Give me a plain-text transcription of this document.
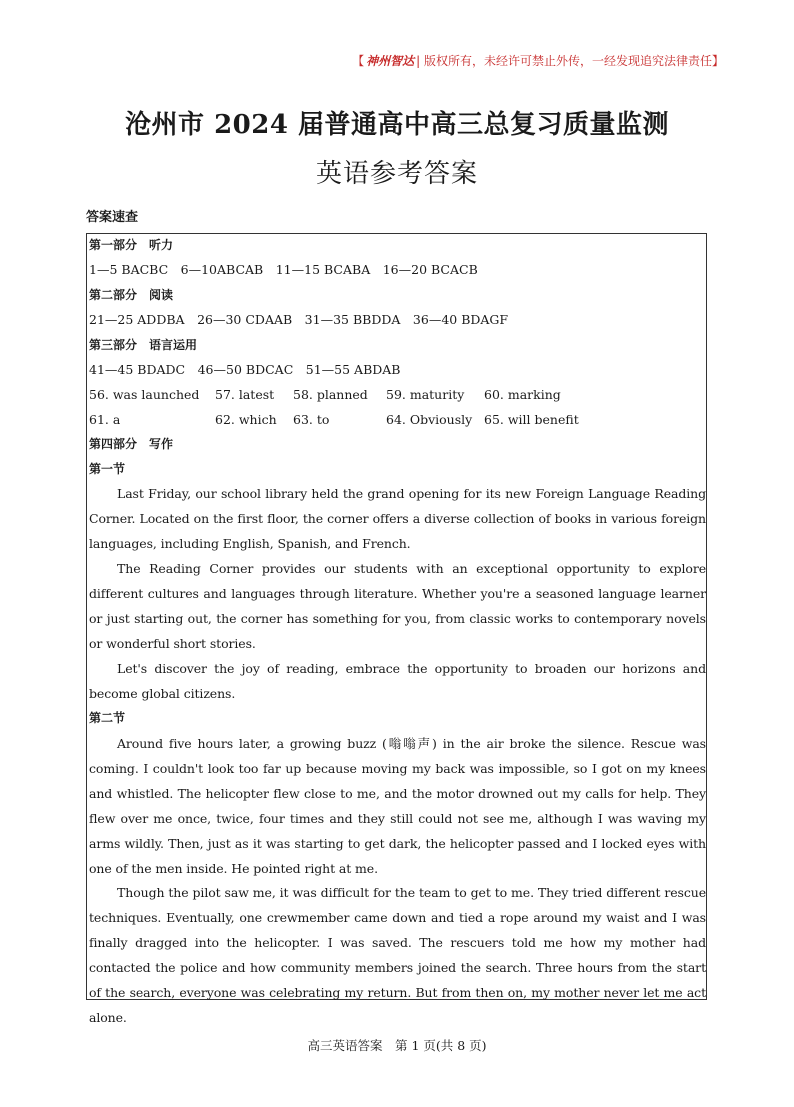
【 神州智达 | 版权所有，未经许可禁止外传，一经发现追究法律责任 】
沧州市 2024 届普通高中高三总复习质量监测
英语参考答案
答案速查
第一部分　听力
1—5 BACBC　6—10ABCAB　11—15 BCABA　16—20 BCACB
第二部分　阅读
21—25 ADDBA　26—30 CDAAB　31—35 BBDDA　36—40 BDAGF
第三部分　语言运用
41—45 BDADC　46—50 BDCAC　51—55 ABDAB
56. was launched 57. latest 58. planned 59. maturity 60. marking
61. a	62. which 63. to	64. Obviously 65. will benefit
第四部分　写作
第一节

Last Friday, our school library held the grand opening for its new Foreign Language Reading Corner. Located on the first floor, the corner offers a diverse collection of books in various foreign languages, including English, Spanish, and French.

The Reading Corner provides our students with an exceptional opportunity to explore different cultures and languages through literature. Whether you're a seasoned language learner or just starting out, the corner has something for you, from classic works to contemporary novels or wonderful short stories.

Let's discover the joy of reading, embrace the opportunity to broaden our horizons and become global citizens.

第二节

Around five hours later, a growing buzz (嗡嗡声) in the air broke the silence. Rescue was coming. I couldn't look too far up because moving my back was impossible, so I got on my knees and whistled. The helicopter flew close to me, and the motor drowned out my calls for help. They flew over me once, twice, four times and they still could not see me, although I was waving my arms wildly. Then, just as it was starting to get dark, the helicopter passed and I locked eyes with one of the men inside. He pointed right at me.

Though the pilot saw me, it was difficult for the team to get to me. They tried different rescue techniques. Eventually, one crewmember came down and tied a rope around my waist and I was finally dragged into the helicopter. I was saved. The rescuers told me how my mother had contacted the police and how community members joined the search. Three hours from the start of the search, everyone was celebrating my return. But from then on, my mother never let me act alone.

高三英语答案　第 1 页(共 8 页)
